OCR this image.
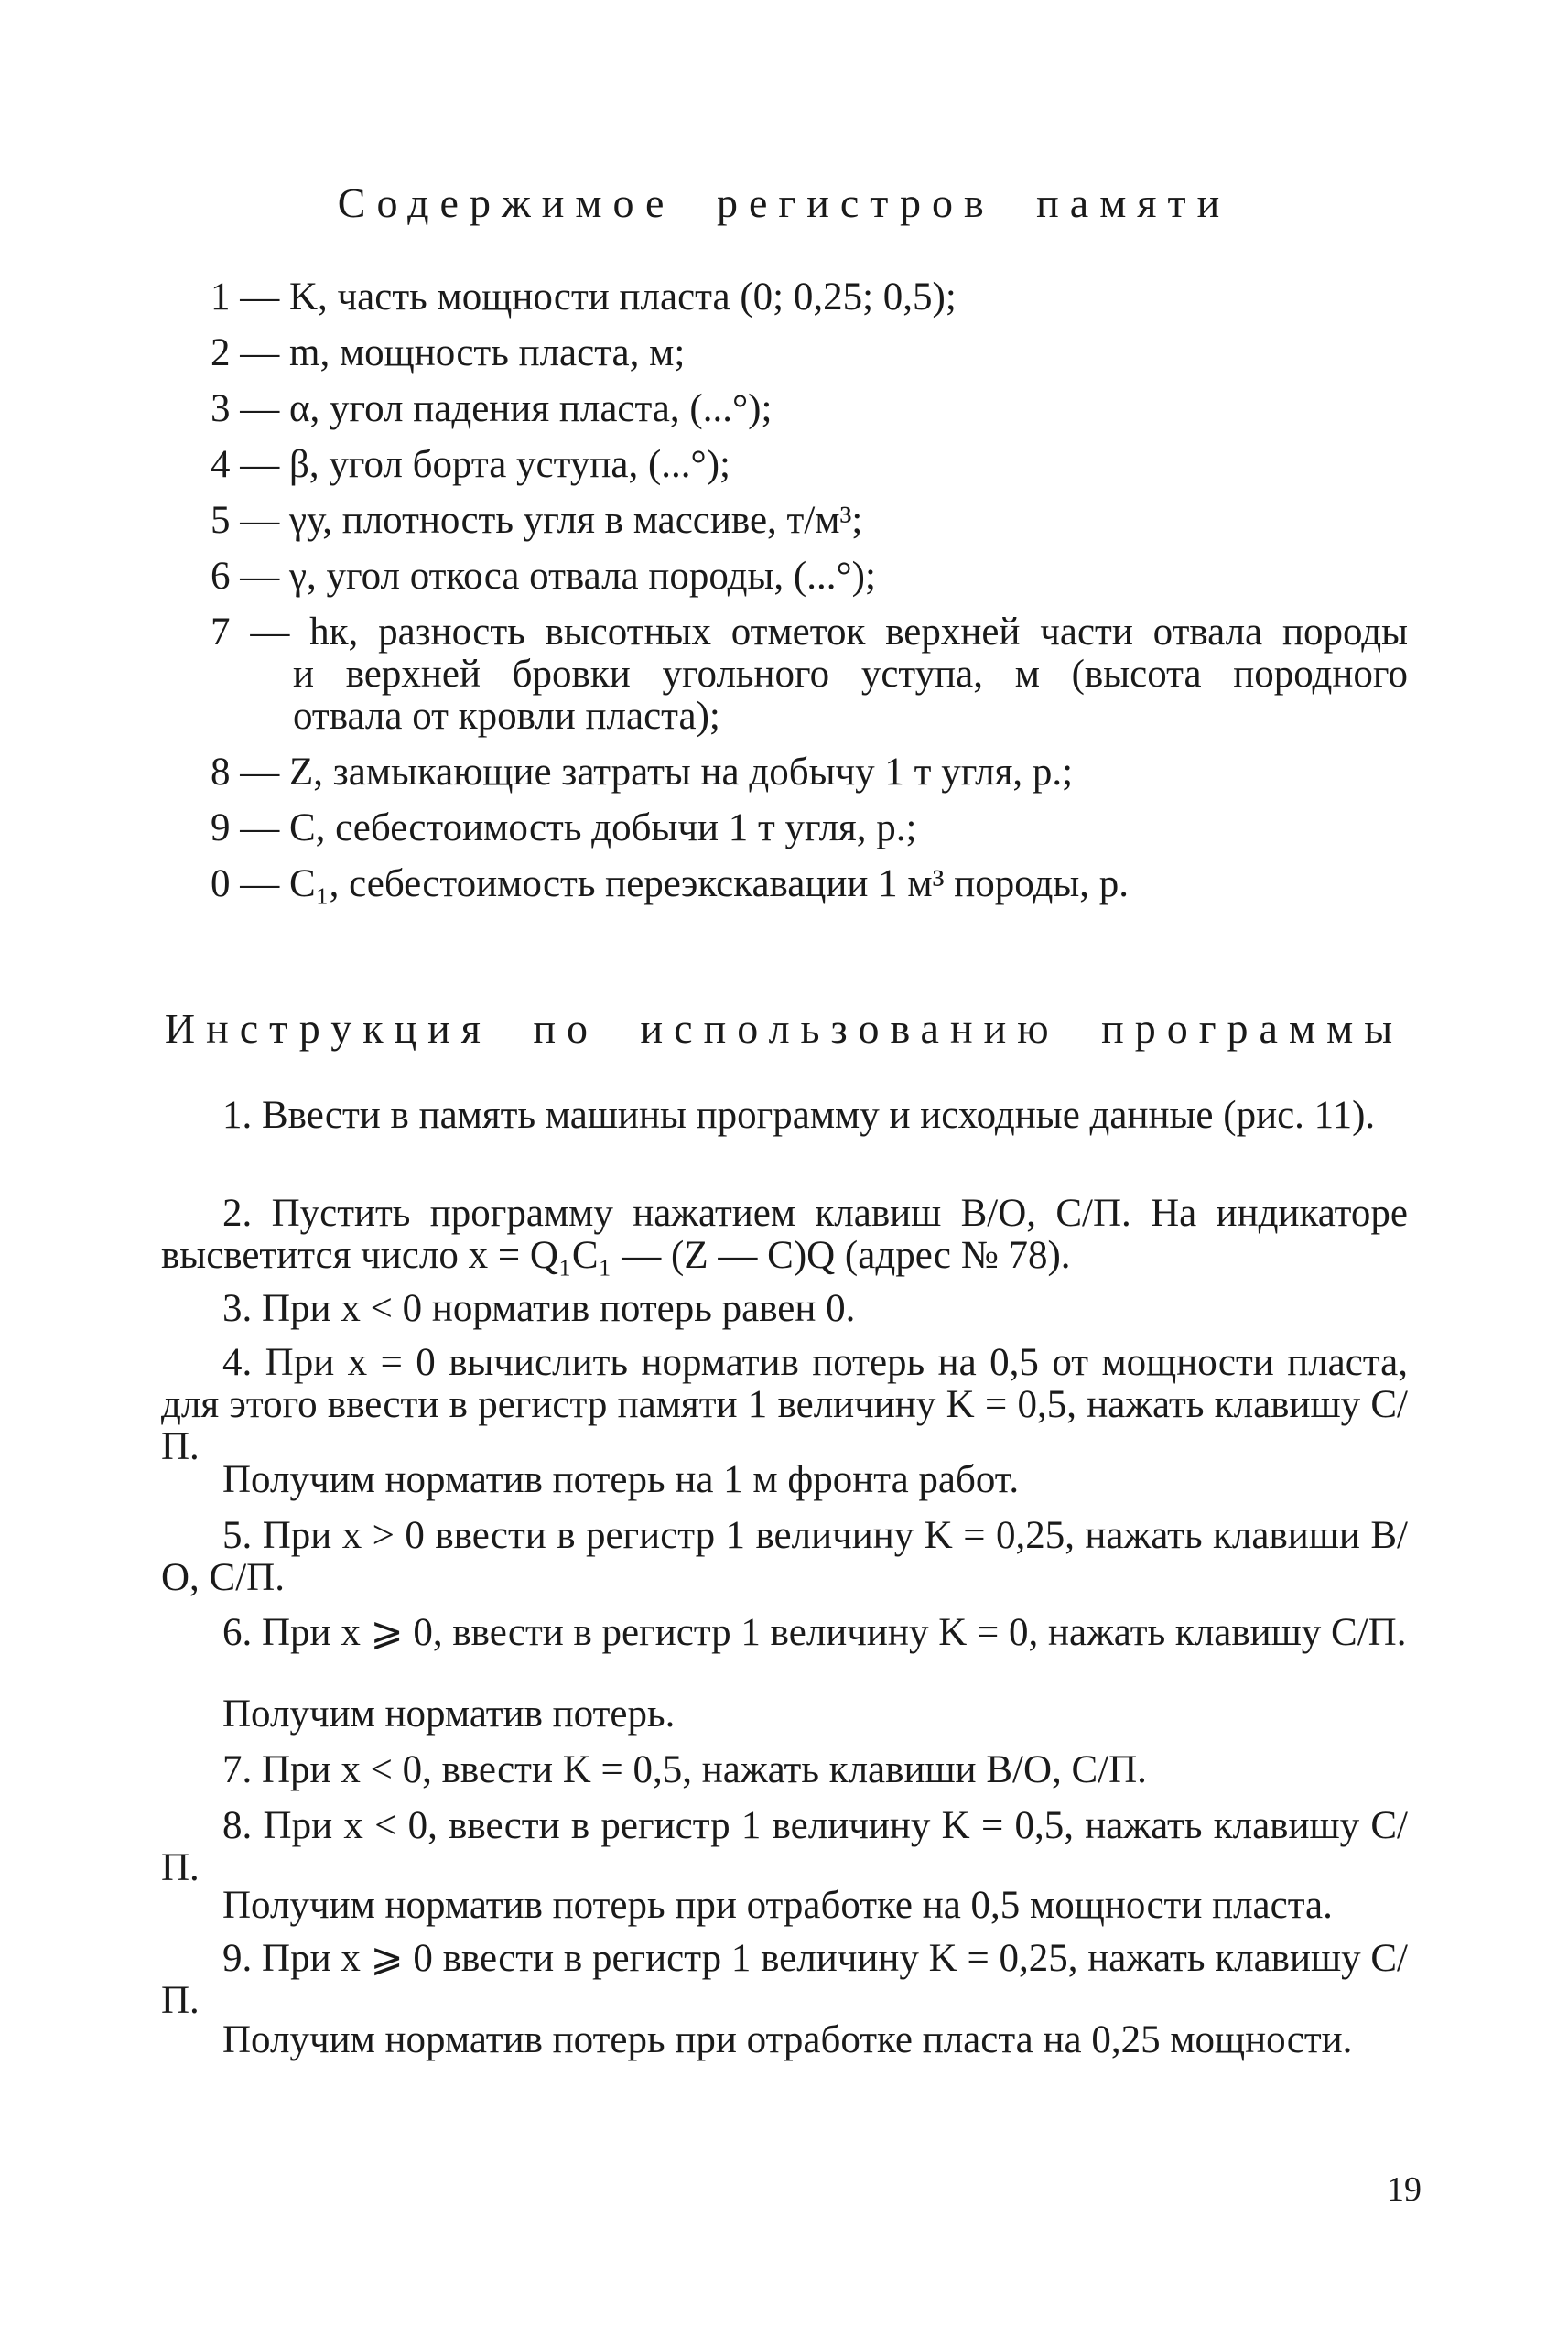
Содержимое регистров памяти
1 — K, часть мощности пласта (0; 0,25; 0,5);
2 — m, мощность пласта, м;
3 — α, угол падения пласта, (...°);
4 — β, угол борта уступа, (...°);
5 — γу, плотность угля в массиве, т/м³;
6 — γ, угол откоса отвала породы, (...°);
7 — hк, разность высотных отметок верхней части отвала породы
и верхней бровки угольного уступа, м (высота породного
отвала от кровли пласта);
8 — Z, замыкающие затраты на добычу 1 т угля, р.;
9 — С, себестоимость добычи 1 т угля, р.;
0 — С₁, себестоимость переэкскавации 1 м³ породы, р.
Инструкция по использованию программы
1. Ввести в память машины программу и исходные данные (рис. 11).
2. Пустить программу нажатием клавиш В/О, С/П. На индикаторе высветится число x = Q₁C₁ — (Z — C)Q (адрес № 78).
3. При x < 0 норматив потерь равен 0.
4. При x = 0 вычислить норматив потерь на 0,5 от мощности пласта, для этого ввести в регистр памяти 1 величину K = 0,5, нажать клавишу С/П.
Получим норматив потерь на 1 м фронта работ.
5. При x > 0 ввести в регистр 1 величину K = 0,25, нажать клавиши В/О, С/П.
6. При x ⩾ 0, ввести в регистр 1 величину K = 0, нажать клавишу С/П.
Получим норматив потерь.
7. При x < 0, ввести K = 0,5, нажать клавиши В/О, С/П.
8. При x < 0, ввести в регистр 1 величину K = 0,5, нажать клавишу С/П.
Получим норматив потерь при отработке на 0,5 мощности пласта.
9. При x ⩾ 0 ввести в регистр 1 величину K = 0,25, нажать клавишу С/П.
Получим норматив потерь при отработке пласта на 0,25 мощности.
19
